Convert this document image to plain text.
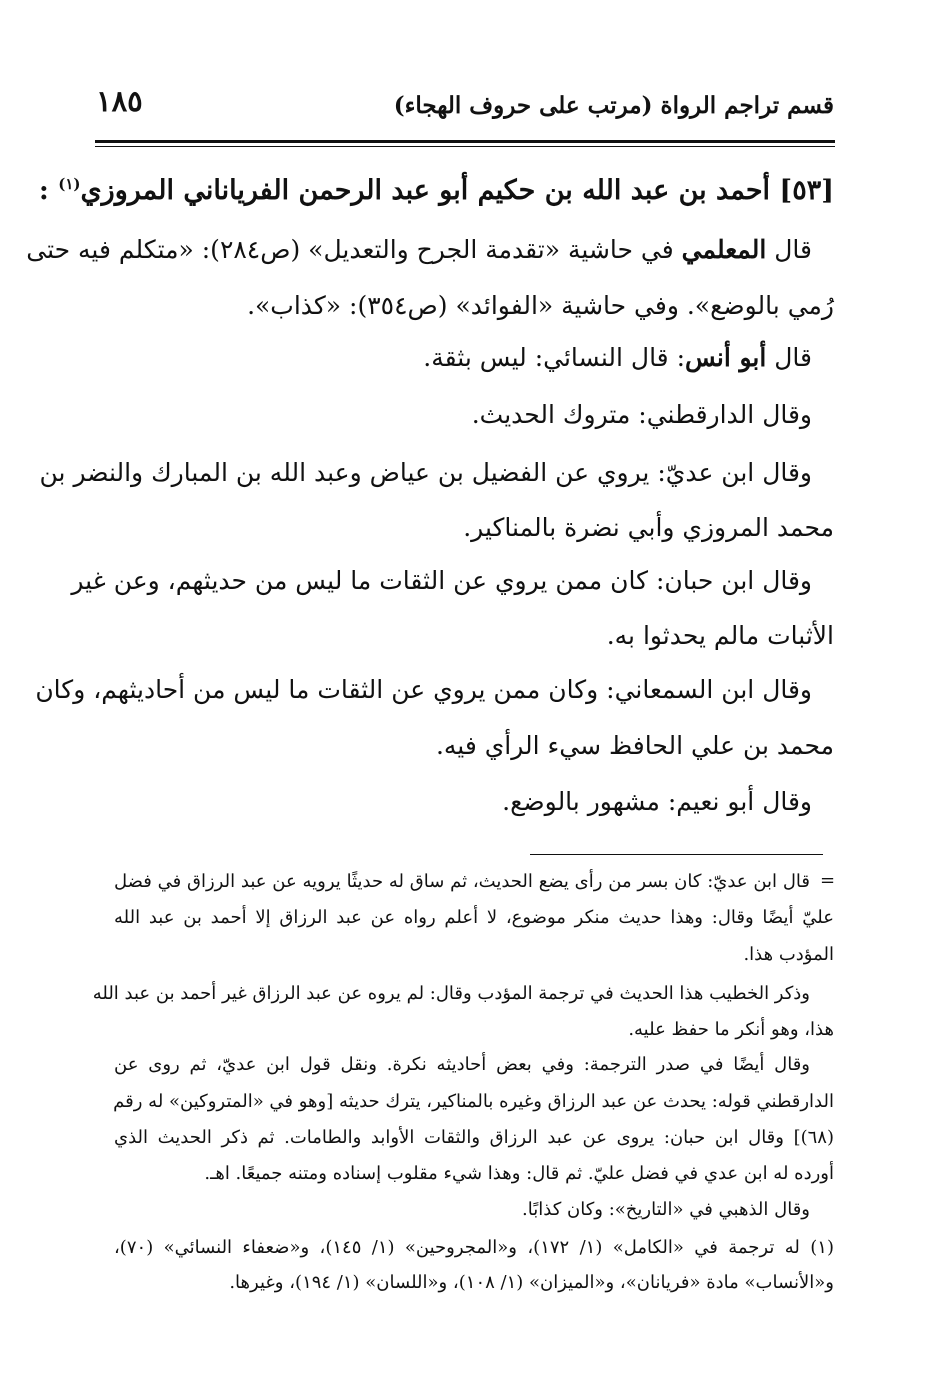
قسم تراجم الرواة (مرتب على حروف الهجاء)
١٨٥
[٥٣] أحمد بن عبد الله بن حكيم أبو عبد الرحمن الفرياناني المروزي$^{(١)}$ :
قال المعلمي في حاشية «تقدمة الجرح والتعديل» (ص٢٨٤): «متكلم فيه حتى
رُمي بالوضع». وفي حاشية «الفوائد» (ص٣٥٤): «كذاب».
قال أبو أنس: قال النسائي: ليس بثقة.
وقال الدارقطني: متروك الحديث.
وقال ابن عديّ: يروي عن الفضيل بن عياض وعبد الله بن المبارك والنضر بن
محمد المروزي وأبي نضرة بالمناكير.
وقال ابن حبان: كان ممن يروي عن الثقات ما ليس من حديثهم، وعن غير
الأثبات مالم يحدثوا به.
وقال ابن السمعاني: وكان ممن يروي عن الثقات ما ليس من أحاديثهم، وكان
محمد بن علي الحافظ سيء الرأي فيه.
وقال أبو نعيم: مشهور بالوضع.
=
قال ابن عديّ: كان بسر من رأى يضع الحديث، ثم ساق له حديثًا يرويه عن عبد الرزاق في فضل
عليّ أيضًا وقال: وهذا حديث منكر موضوع، لا أعلم رواه عن عبد الرزاق إلا أحمد بن عبد الله
المؤدب هذا.
وذكر الخطيب هذا الحديث في ترجمة المؤدب وقال: لم يروه عن عبد الرزاق غير أحمد بن عبد الله
هذا، وهو أنكر ما حفظ عليه.
وقال أيضًا في صدر الترجمة: وفي بعض أحاديثه نكرة. ونقل قول ابن عديّ، ثم روى عن
الدارقطني قوله: يحدث عن عبد الرزاق وغيره بالمناكير، يترك حديثه [وهو في «المتروكين» له رقم
(٦٨)] وقال ابن حبان: يروى عن عبد الرزاق والثقات الأوابد والطامات. ثم ذكر الحديث الذي
أورده له ابن عدي في فضل عليّ. ثم قال: وهذا شيء مقلوب إسناده ومتنه جميعًا. اهـ.
وقال الذهبي في «التاريخ»: وكان كذابًا.
(١) له ترجمة في «الكامل» (١/ ١٧٢)، و«المجروحين» (١/ ١٤٥)، و«ضعفاء النسائي» (٧٠)،
و«الأنساب» مادة «فريانان»، و«الميزان» (١/ ١٠٨)، و«اللسان» (١/ ١٩٤)، وغيرها.
